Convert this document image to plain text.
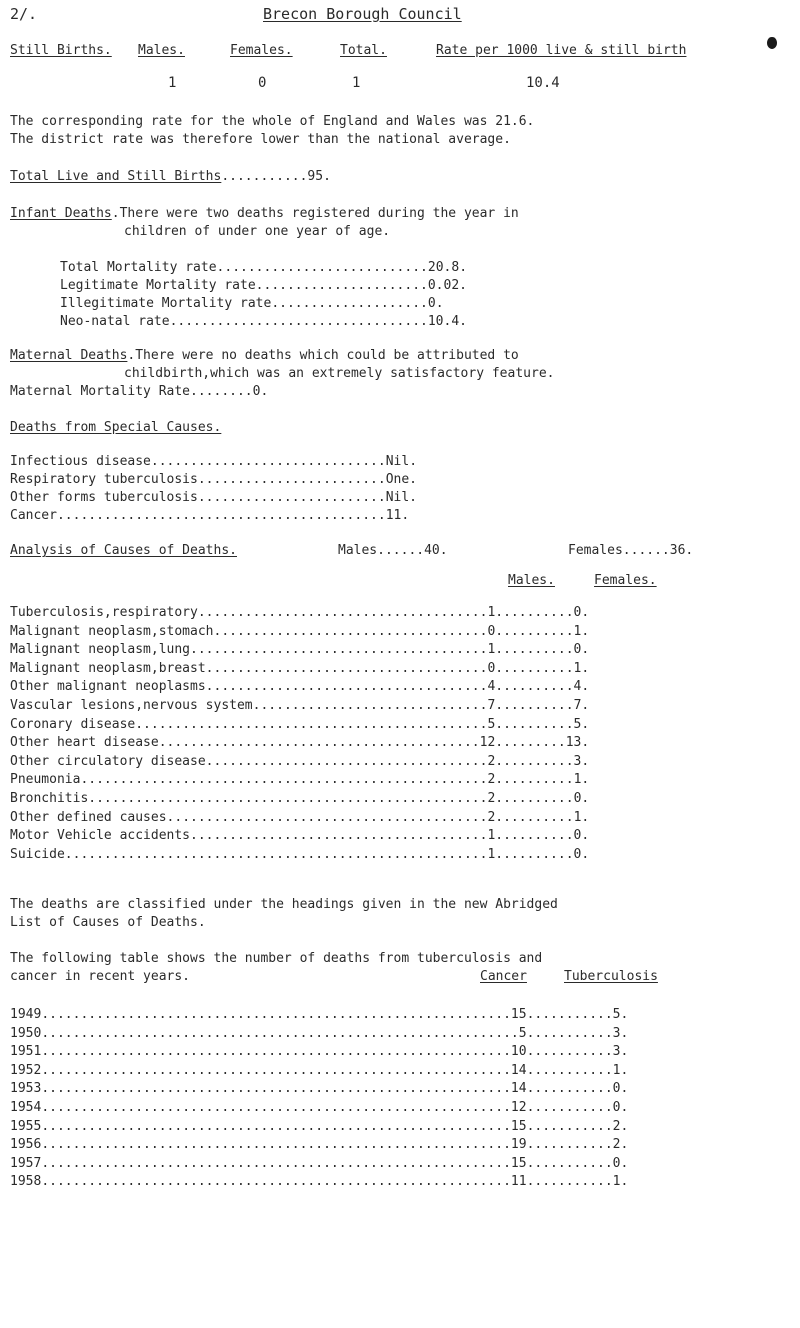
2/.	Brecon Borough Council
Still Births. Males.	Females.	Total.	Rate per 1000 live & still birth
1	0	1	10.4
The corresponding rate for the whole of England and Wales was 21.6.
The district rate was therefore lower than the national average.
Total Live and Still Births...........95.
Infant Deaths.There were two deaths registered during the year in
children of under one year of age.
Total Mortality rate...........................20.8.
Legitimate Mortality rate......................0.02.
Illegitimate Mortality rate....................0.
Neo-natal rate.................................10.4.
Maternal Deaths.There were no deaths which could be attributed to
childbirth,which was an extremely satisfactory feature.
Maternal Mortality Rate........0.
Deaths from Special Causes.
Infectious disease..............................Nil.
Respiratory tuberculosis........................One.
Other forms tuberculosis........................Nil.
Cancer..........................................11.
Analysis of Causes of Deaths.	Males......40.	Females......36.
Males.	Females.
Tuberculosis,respiratory.....................................1..........0.
Malignant neoplasm,stomach...................................0..........1.
Malignant neoplasm,lung......................................1..........0.
Malignant neoplasm,breast....................................0..........1.
Other malignant neoplasms....................................4..........4.
Vascular lesions,nervous system..............................7..........7.
Coronary disease.............................................5..........5.
Other heart disease.........................................12.........13.
Other circulatory disease....................................2..........3.
Pneumonia....................................................2..........1.
Bronchitis...................................................2..........0.
Other defined causes.........................................2..........1.
Motor Vehicle accidents......................................1..........0.
Suicide......................................................1..........0.
The deaths are classified under the headings given in the new Abridged
List of Causes of Deaths.
The following table shows the number of deaths from tuberculosis and
cancer in recent years.	Cancer	Tuberculosis
1949............................................................15...........5.
1950.............................................................5...........3.
1951............................................................10...........3.
1952............................................................14...........1.
1953............................................................14...........0.
1954............................................................12...........0.
1955............................................................15...........2.
1956............................................................19...........2.
1957............................................................15...........0.
1958............................................................11...........1.
